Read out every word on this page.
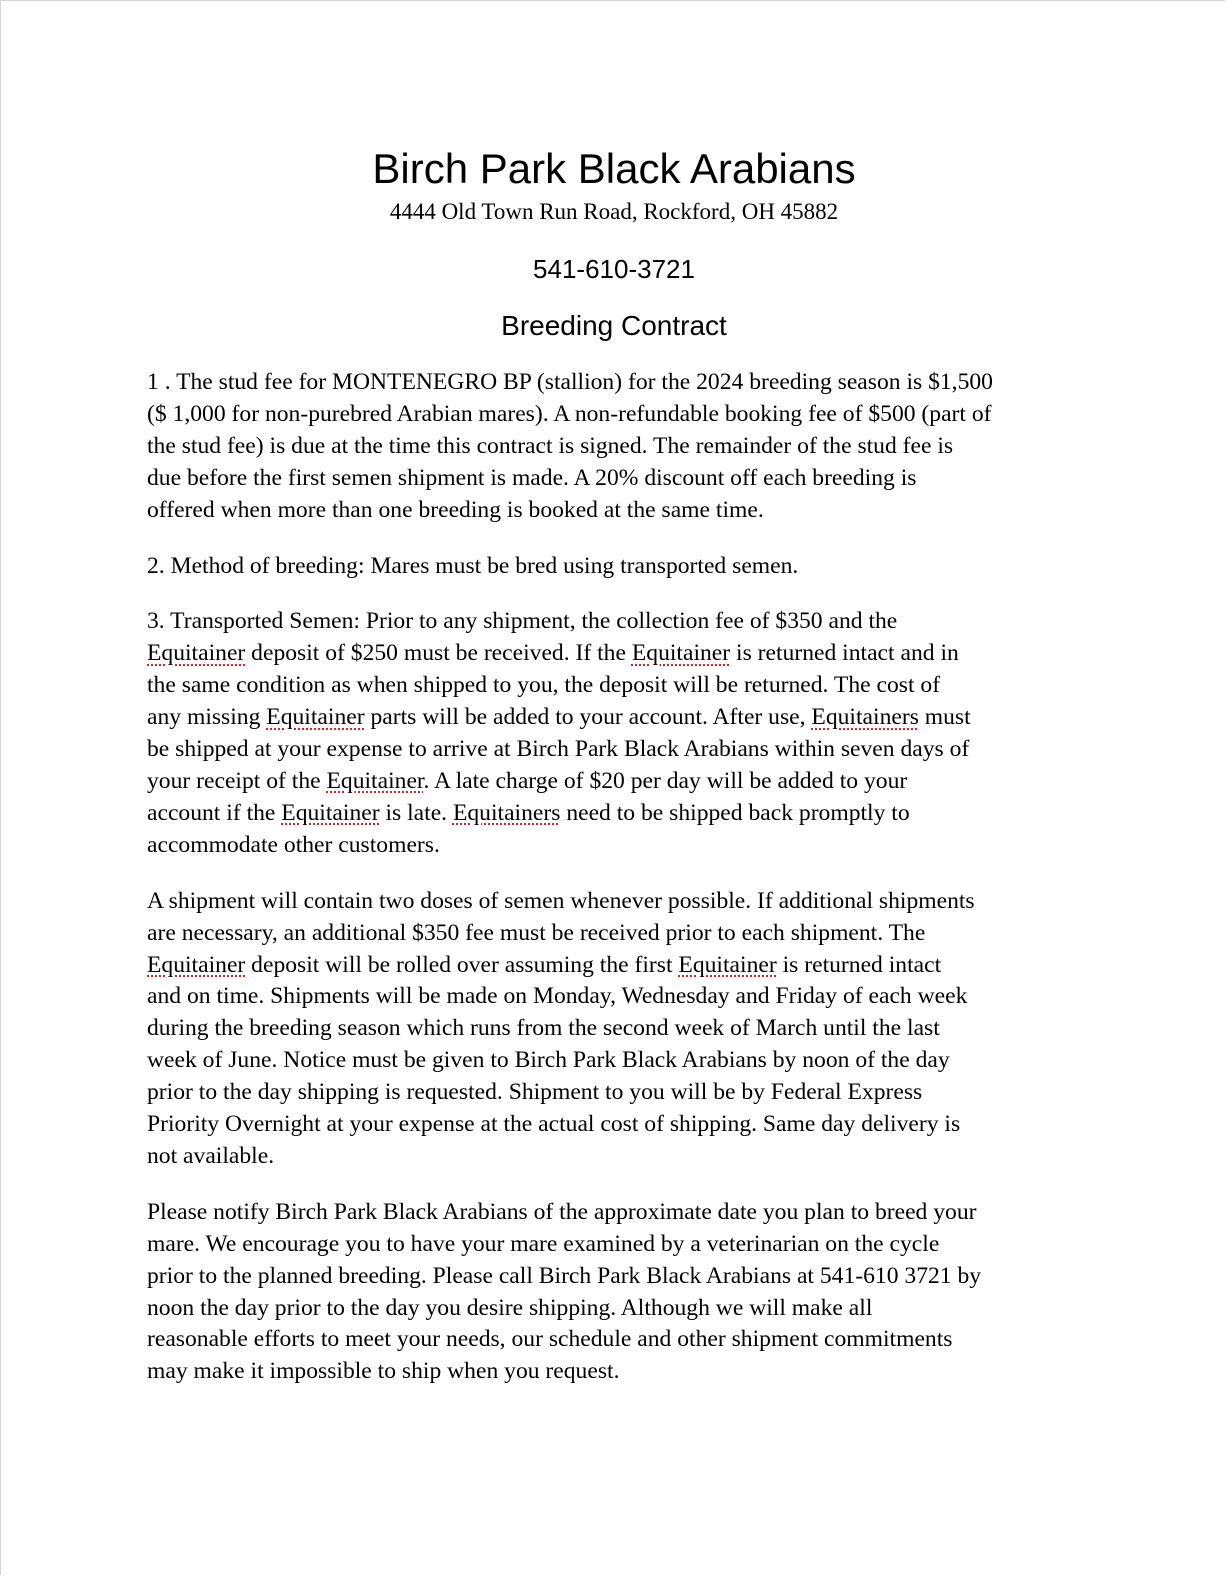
Birch Park Black Arabians
4444 Old Town Run Road, Rockford, OH 45882
541-610-3721
Breeding Contract

1 . The stud fee for MONTENEGRO BP (stallion) for the 2024 breeding season is $1,500
($ 1,000 for non-purebred Arabian mares). A non-refundable booking fee of $500 (part of
the stud fee) is due at the time this contract is signed. The remainder of the stud fee is
due before the first semen shipment is made. A 20% discount off each breeding is
offered when more than one breeding is booked at the same time.

2. Method of breeding: Mares must be bred using transported semen.

3. Transported Semen: Prior to any shipment, the collection fee of $350 and the
Equitainer deposit of $250 must be received. If the Equitainer is returned intact and in
the same condition as when shipped to you, the deposit will be returned. The cost of
any missing Equitainer parts will be added to your account. After use, Equitainers must
be shipped at your expense to arrive at Birch Park Black Arabians within seven days of
your receipt of the Equitainer. A late charge of $20 per day will be added to your
account if the Equitainer is late. Equitainers need to be shipped back promptly to
accommodate other customers.

A shipment will contain two doses of semen whenever possible. If additional shipments
are necessary, an additional $350 fee must be received prior to each shipment. The
Equitainer deposit will be rolled over assuming the first Equitainer is returned intact
and on time. Shipments will be made on Monday, Wednesday and Friday of each week
during the breeding season which runs from the second week of March until the last
week of June. Notice must be given to Birch Park Black Arabians by noon of the day
prior to the day shipping is requested. Shipment to you will be by Federal Express
Priority Overnight at your expense at the actual cost of shipping. Same day delivery is
not available.

Please notify Birch Park Black Arabians of the approximate date you plan to breed your
mare. We encourage you to have your mare examined by a veterinarian on the cycle
prior to the planned breeding. Please call Birch Park Black Arabians at 541-610 3721 by
noon the day prior to the day you desire shipping. Although we will make all
reasonable efforts to meet your needs, our schedule and other shipment commitments
may make it impossible to ship when you request.
